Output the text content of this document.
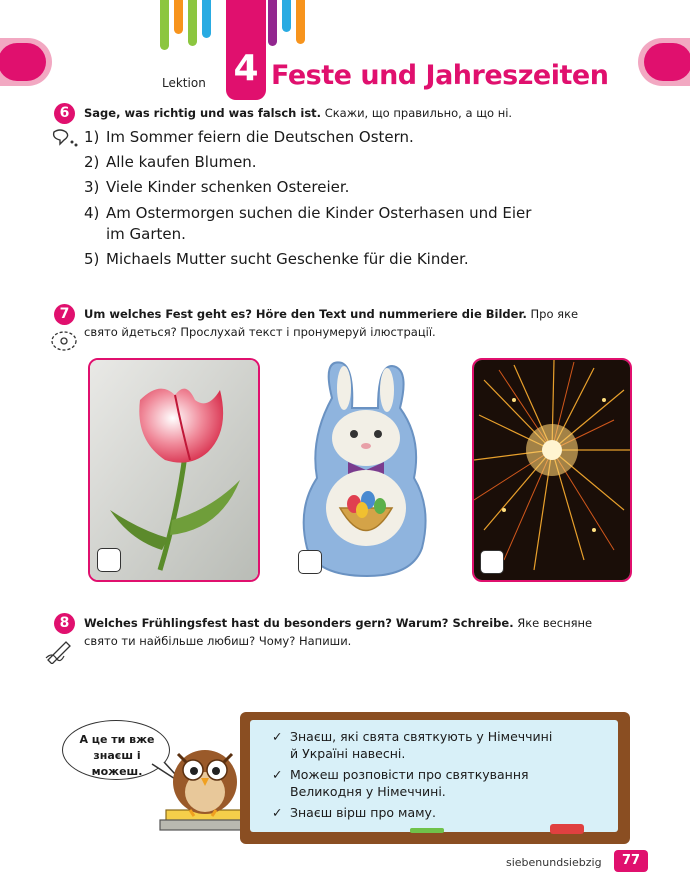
4
Lektion Feste und Jahreszeiten
6	Sage, was richtig und was falsch ist. Скажи, що правильно, а що ні.
1) Im Sommer feiern die Deutschen Ostern.
2) Alle kaufen Blumen.
3) Viele Kinder schenken Ostereier.
4) Am Ostermorgen suchen die Kinder Osterhasen und Eier
im Garten.
5) Michaels Mutter sucht Geschenke für die Kinder.
7	Um welches Fest geht es? Höre den Text und nummeriere die Bilder. Про яке
свято йдеться? Прослухай текст і пронумеруй ілюстрації.
8	Welches Frühlingsfest hast du besonders gern? Warum? Schreibe. Яке весняне
свято ти найбільше любиш? Чому? Напиши.
А це ти вже
знаєш і можеш.
✓ Знаєш, які свята святкують у Німеччині
й Україні навесні.
✓ Можеш розповісти про святкування
Великодня у Німеччині.
✓ Знаєш вірш про маму.
siebenundsiebzig	77
